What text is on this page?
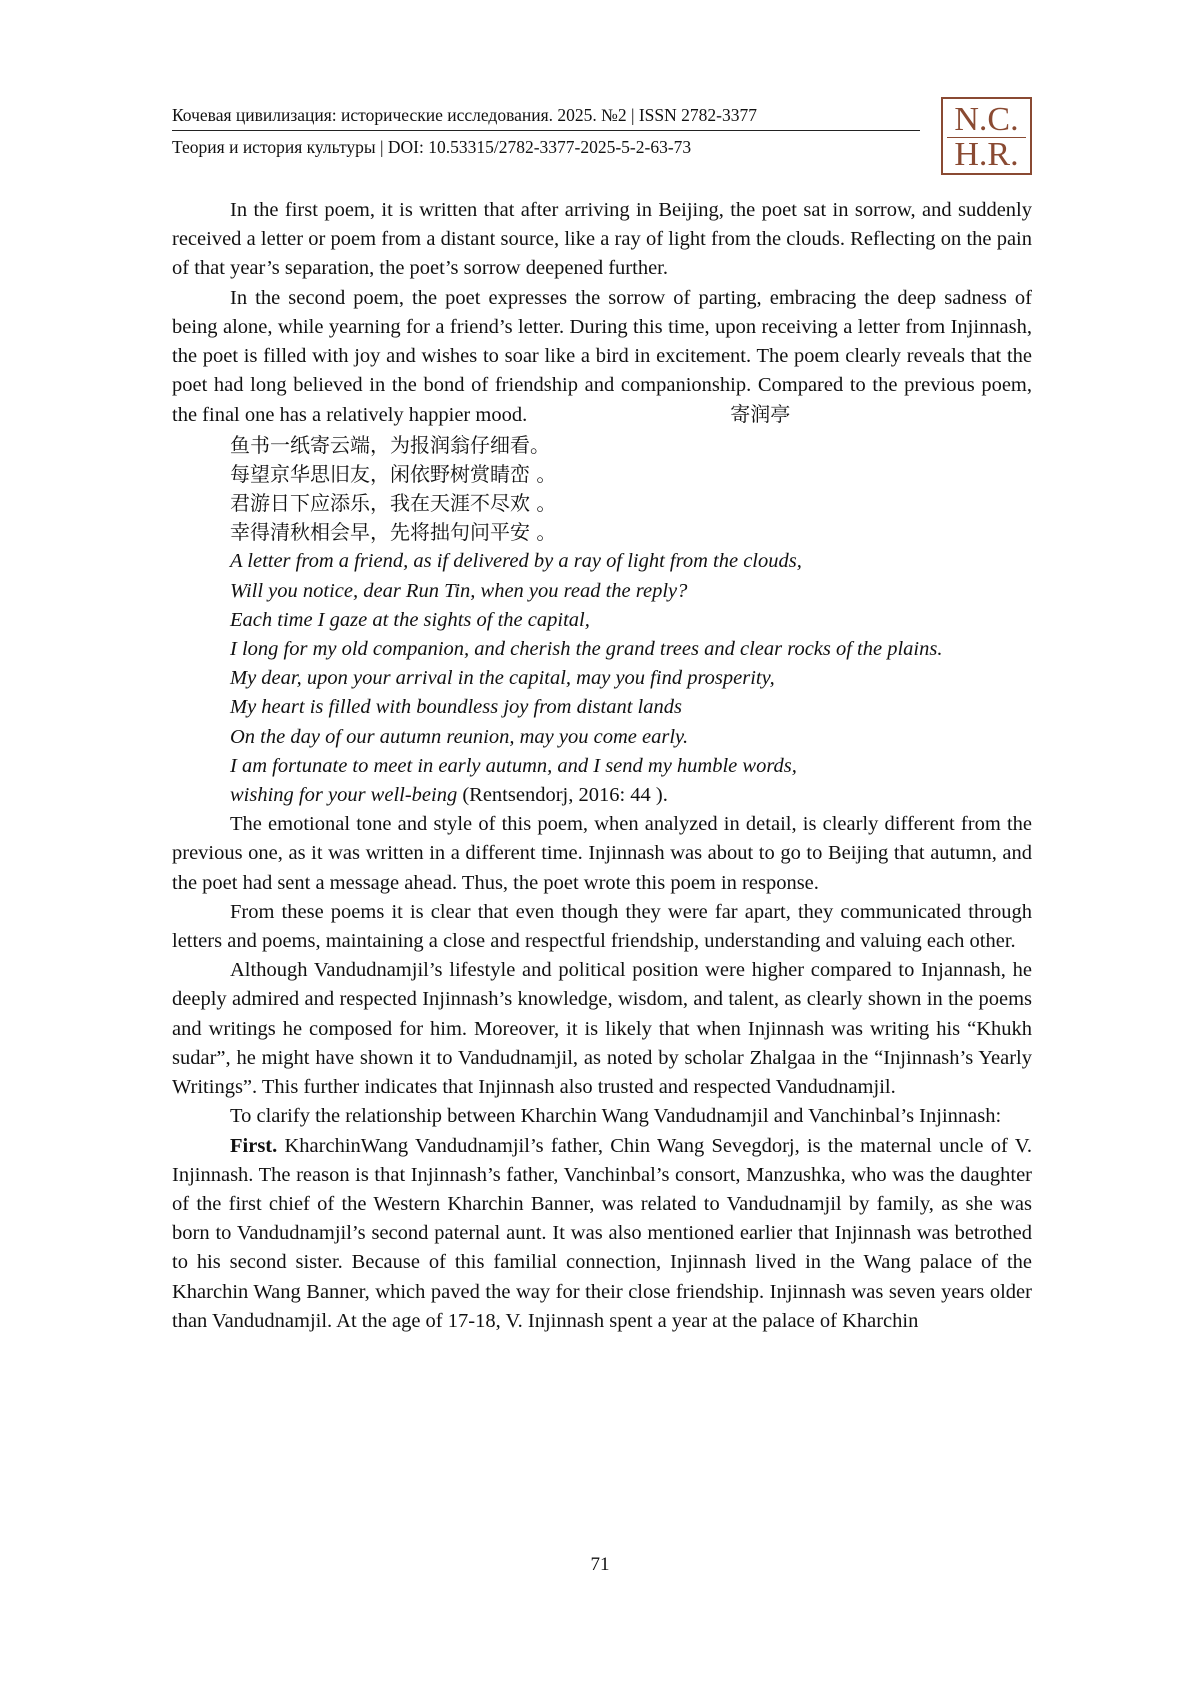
Кочевая цивилизация: исторические исследования. 2025. №2 | ISSN 2782-3377
Теория и история культуры | DOI: 10.53315/2782-3377-2025-5-2-63-73
N.C.
H.R.

In the first poem, it is written that after arriving in Beijing, the poet sat in sorrow, and suddenly received a letter or poem from a distant source, like a ray of light from the clouds. Reflecting on the pain of that year’s separation, the poet’s sorrow deepened further.

In the second poem, the poet expresses the sorrow of parting, embracing the deep sadness of being alone, while yearning for a friend’s letter. During this time, upon receiving a letter from Injinnash, the poet is filled with joy and wishes to soar like a bird in excitement. The poem clearly reveals that the poet had long believed in the bond of friendship and companionship. Compared to the previous poem, the final one has a relatively happier mood.	寄润亭

鱼书一纸寄云端，为报润翁仔细看。
每望京华思旧友，闲依野树赏睛峦 。
君游日下应添乐，我在天涯不尽欢 。
幸得清秋相会早，先将拙句问平安 。
A letter from a friend, as if delivered by a ray of light from the clouds,
Will you notice, dear Run Tin, when you read the reply?
Each time I gaze at the sights of the capital,
I long for my old companion, and cherish the grand trees and clear rocks of the plains.
My dear, upon your arrival in the capital, may you find prosperity,
My heart is filled with boundless joy from distant lands
On the day of our autumn reunion, may you come early.
I am fortunate to meet in early autumn, and I send my humble words,
wishing for your well-being (Rentsendorj, 2016: 44 ).

The emotional tone and style of this poem, when analyzed in detail, is clearly different from the previous one, as it was written in a different time. Injinnash was about to go to Beijing that autumn, and the poet had sent a message ahead. Thus, the poet wrote this poem in response.

From these poems it is clear that even though they were far apart, they communicated through letters and poems, maintaining a close and respectful friendship, understanding and valuing each other.

Although Vandudnamjil’s lifestyle and political position were higher compared to Injannash, he deeply admired and respected Injinnash’s knowledge, wisdom, and talent, as clearly shown in the poems and writings he composed for him. Moreover, it is likely that when Injinnash was writing his “Khukh sudar”, he might have shown it to Vandudnamjil, as noted by scholar Zhalgaa in the “Injinnash’s Yearly Writings”. This further indicates that Injinnash also trusted and respected Vandudnamjil.

To clarify the relationship between Kharchin Wang Vandudnamjil and Vanchinbal’s Injinnash:

First. KharchinWang Vandudnamjil’s father, Chin Wang Sevegdorj, is the maternal uncle of V. Injinnash. The reason is that Injinnash’s father, Vanchinbal’s consort, Manzushka, who was the daughter of the first chief of the Western Kharchin Banner, was related to Vandudnamjil by family, as she was born to Vandudnamjil’s second paternal aunt. It was also mentioned earlier that Injinnash was betrothed to his second sister. Because of this familial connection, Injinnash lived in the Wang palace of the Kharchin Wang Banner, which paved the way for their close friendship. Injinnash was seven years older than Vandudnamjil. At the age of 17-18, V. Injinnash spent a year at the palace of Kharchin

71
